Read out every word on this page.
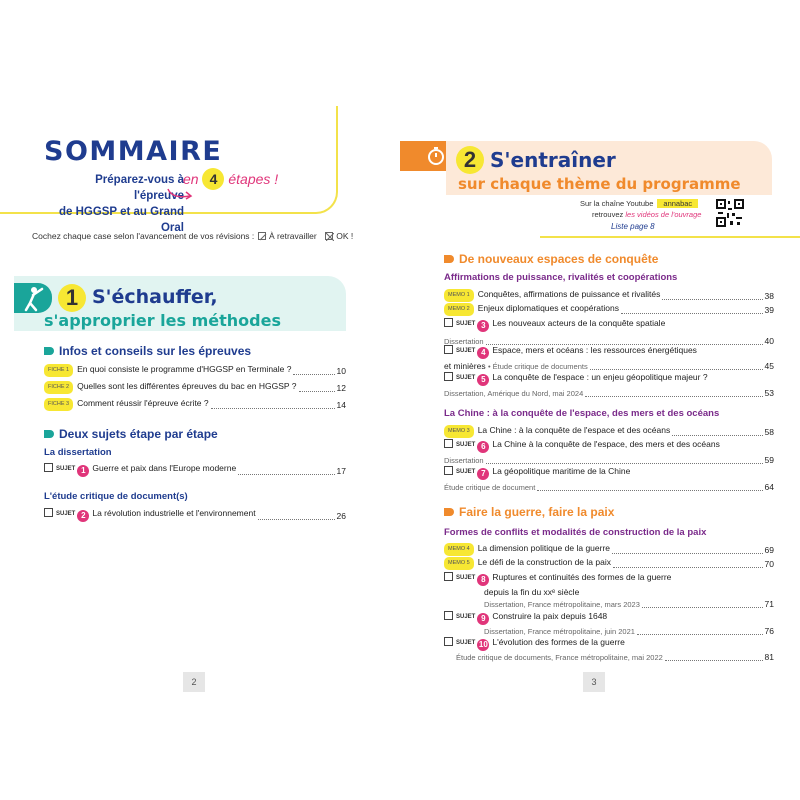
SOMMAIRE
Préparez-vous à l'épreuve
de HGGSP et au Grand Oral
en 4 étapes !
Cochez chaque case selon l'avancement de vos révisions : À retravailler ☒ OK !
1 S'échauffer,
s'approprier les méthodes
Infos et conseils sur les épreuves
FICHE 1 En quoi consiste le programme d'HGGSP en Terminale ?	10
FICHE 2 Quelles sont les différentes épreuves du bac en HGGSP ?	12
FICHE 3 Comment réussir l'épreuve écrite ?	14
Deux sujets étape par étape
La dissertation
SUJET 1 Guerre et paix dans l'Europe moderne	17
L'étude critique de document(s)
SUJET 2 La révolution industrielle et l'environnement	26
2
2 S'entraîner
sur chaque thème du programme
Sur la chaîne Youtube annabac
retrouvez les vidéos de l'ouvrage
Liste page 8
De nouveaux espaces de conquête
Affirmations de puissance, rivalités et coopérations
MEMO 1 Conquêtes, affirmations de puissance et rivalités	38
MEMO 2 Enjeux diplomatiques et coopérations	39
SUJET 3 Les nouveaux acteurs de la conquête spatiale
Dissertation	40
SUJET 4 Espace, mers et océans : les ressources énergétiques
et minières • Étude critique de documents	45
SUJET 5 La conquête de l'espace : un enjeu géopolitique majeur ?
Dissertation, Amérique du Nord, mai 2024	53
La Chine : à la conquête de l'espace, des mers et des océans
MEMO 3 La Chine : à la conquête de l'espace et des océans	58
SUJET 6 La Chine à la conquête de l'espace, des mers et des océans
Dissertation	59
SUJET 7 La géopolitique maritime de la Chine
Étude critique de document	64
Faire la guerre, faire la paix
Formes de conflits et modalités de construction de la paix
MEMO 4 La dimension politique de la guerre	69
MEMO 5 Le défi de la construction de la paix	70
SUJET 8 Ruptures et continuités des formes de la guerre
depuis la fin du xxᵉ siècle
Dissertation, France métropolitaine, mars 2023	71
SUJET 9 Construire la paix depuis 1648
Dissertation, France métropolitaine, juin 2021	76
SUJET 10 L'évolution des formes de la guerre
Étude critique de documents, France métropolitaine, mai 2022	81
3
